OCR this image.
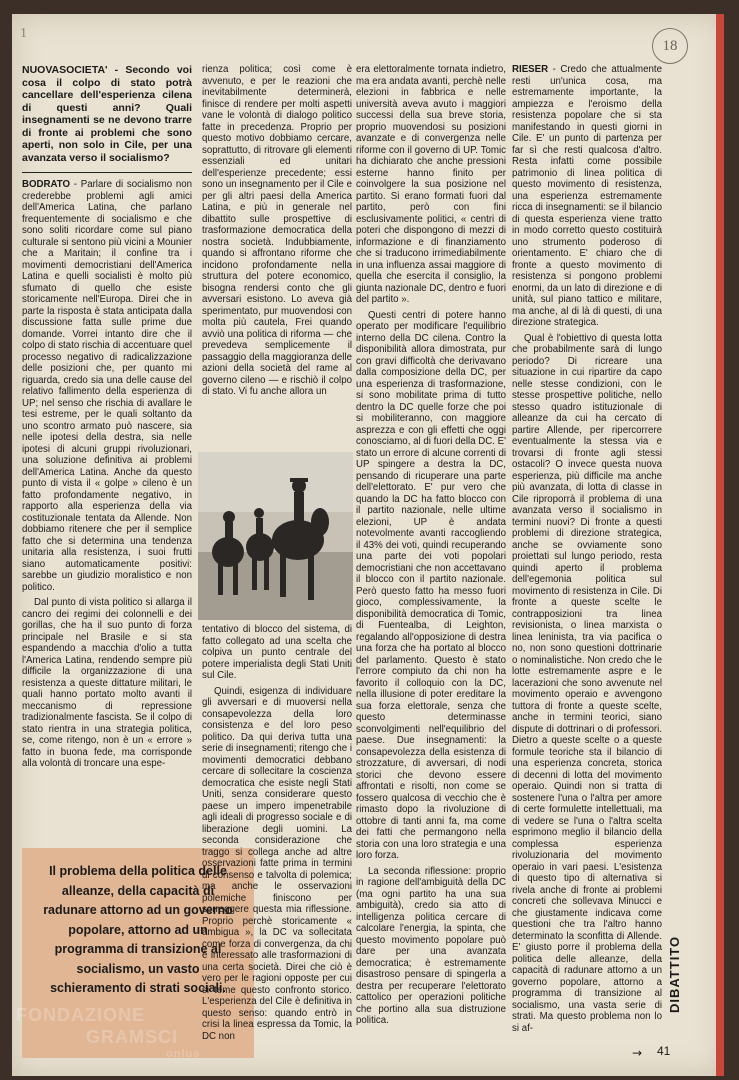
1
18
NUOVASOCIETA' - Secondo voi cosa il colpo di stato potrà cancellare dell'esperienza cilena di questi anni? Quali insegnamenti se ne devono trarre di fronte ai problemi che sono aperti, non solo in Cile, per una avanzata verso il socialismo?

BODRATO - Parlare di socialismo non crederebbe problemi agli amici dell'America Latina, che parlano frequentemente di socialismo e che sono soliti ricordare come sul piano culturale si sentono più vicini a Mounier che a Maritain; il confine tra i movimenti democristiani dell'America Latina e quelli socialisti è molto più sfumato di quello che esiste storicamente nell'Europa. Direi che in parte la risposta è stata anticipata dalla discussione fatta sulle prime due domande. Vorrei intanto dire che il colpo di stato rischia di accentuare quel processo negativo di radicalizzazione delle posizioni che, per quanto mi riguarda, credo sia una delle cause del relativo fallimento della esperienza di UP; nel senso che rischia di avallare le tesi estreme, per le quali soltanto da uno scontro armato può nascere, sia nelle ipotesi della destra, sia nelle ipotesi di alcuni gruppi rivoluzionari, una soluzione definitiva ai problemi dell'America Latina. Anche da questo punto di vista il « golpe » cileno è un fatto profondamente negativo, in rapporto alla esperienza della via costituzionale tentata da Allende. Non dobbiamo ritenere che per il semplice fatto che si determina una tendenza unitaria alla resistenza, i suoi frutti siano automaticamente positivi: sarebbe un giudizio moralistico e non politico.

Dal punto di vista politico si allarga il cancro dei regimi dei colonnelli e dei gorillas, che ha il suo punto di forza principale nel Brasile e si sta espandendo a macchia d'olio a tutta l'America Latina, rendendo sempre più difficile la organizzazione di una resistenza a queste dittature militari, le quali hanno portato molto avanti il meccanismo di repressione tradizionalmente fascista. Se il colpo di stato rientra in una strategia politica, se, come ritengo, non è un « errore » fatto in buona fede, ma corrisponde alla volontà di troncare una espe-

Il problema della politica delle alleanze, della capacità di radunare attorno ad un governo popolare, attorno ad un programma di transizione al socialismo, un vasto schieramento di strati sociali.

rienza politica; così come è avvenuto, e per le reazioni che inevitabilmente determinerà, finisce di rendere per molti aspetti vane le volontà di dialogo politico fatte in precedenza. Proprio per questo motivo dobbiamo cercare, soprattutto, di ritrovare gli elementi essenziali ed unitari dell'esperienze precedente; essi sono un insegnamento per il Cile e per gli altri paesi della America Latina, e più in generale nel dibattito sulle prospettive di trasformazione democratica della nostra società. Indubbiamente, quando si affrontano riforme che incidono profondamente nella struttura del potere economico, bisogna rendersi conto che gli avversari esistono. Lo aveva già sperimentato, pur muovendosi con molta più cautela, Frei quando avviò una politica di riforma — che prevedeva semplicemente il passaggio della maggioranza delle azioni della società del rame al governo cileno — e rischiò il colpo di stato. Vi fu anche allora un

tentativo di blocco del sistema, di fatto collegato ad una scelta che colpiva un punto centrale del potere imperialista degli Stati Uniti sul Cile.

Quindi, esigenza di individuare gli avversari e di muoversi nella consapevolezza della loro consistenza e del loro peso politico. Da qui deriva tutta una serie di insegnamenti; ritengo che i movimenti democratici debbano cercare di sollecitare la coscienza democratica che esiste negli Stati Uniti, senza considerare questo paese un impero impenetrabile agli ideali di progresso sociale e di liberazione degli uomini. La seconda considerazione che traggo si collega anche ad altre osservazioni fatte prima in termini di consenso e talvolta di polemica; ma anche le osservazioni polemiche finiscono per sorreggere questa mia riflessione. Proprio perchè storicamente « ambigua », la DC va sollecitata come forza di convergenza, da chi è interessato alle trasformazioni di una certa società. Direi che ciò è vero per le ragioni opposte per cui si teme questo confronto storico. L'esperienza del Cile è definitiva in questo senso: quando entrò in crisi la linea espressa da Tomic, la DC non

era elettoralmente tornata indietro, ma era andata avanti, perchè nelle elezioni in fabbrica e nelle università aveva avuto i maggiori successi della sua breve storia, proprio muovendosi su posizioni avanzate e di convergenza nelle riforme con il governo di UP. Tomic ha dichiarato che anche pressioni esterne hanno finito per coinvolgere la sua posizione nel partito. Si erano formati fuori dal partito, però con fini esclusivamente politici, « centri di poteri che dispongono di mezzi di informazione e di finanziamento che si traducono irrimediabilmente in una influenza assai maggiore di quella che esercita il consiglio, la giunta nazionale DC, dentro e fuori del partito ».

Questi centri di potere hanno operato per modificare l'equilibrio interno della DC cilena. Contro la disponibilità allora dimostrata, pur con gravi difficoltà che derivavano dalla composizione della DC, per una esperienza di trasformazione, si sono mobilitate prima di tutto dentro la DC quelle forze che poi si mobiliteranno, con maggiore asprezza e con gli effetti che oggi conosciamo, al di fuori della DC. E' stato un errore di alcune correnti di UP spingere a destra la DC, pensando di ricuperare una parte dell'elettorato. E' pur vero che quando la DC ha fatto blocco con il partito nazionale, nelle ultime elezioni, UP è andata notevolmente avanti raccogliendo il 43% dei voti, quindi recuperando una parte dei voti popolari democristiani che non accettavano il blocco con il partito nazionale. Però questo fatto ha messo fuori gioco, complessivamente, la disponibilità democratica di Tomic, di Fuentealba, di Leighton, regalando all'opposizione di destra una forza che ha portato al blocco del parlamento. Questo è stato l'errore compiuto da chi non ha favorito il colloquio con la DC, nella illusione di poter ereditare la sua forza elettorale, senza che questo determinasse sconvolgimenti nell'equilibrio del paese. Due insegnamenti: la consapevolezza della esistenza di strozzature, di avversari, di nodi storici che devono essere affrontati e risolti, non come se fossero qualcosa di vecchio che è rimasto dopo la rivoluzione di ottobre di tanti anni fa, ma come dei fatti che permangono nella storia con una loro strategia e una loro forza.

La seconda riflessione: proprio in ragione dell'ambiguità della DC (ma ogni partito ha una sua ambiguità), credo sia atto di intelligenza politica cercare di calcolare l'energia, la spinta, che questo movimento popolare può dare per una avanzata democratica; è estremamente disastroso pensare di spingerla a destra per recuperare l'elettorato cattolico per operazioni politiche che portino alla sua distruzione politica.

RIESER - Credo che attualmente resti un'unica cosa, ma estremamente importante, la ampiezza e l'eroismo della resistenza popolare che si sta manifestando in questi giorni in Cile. E' un punto di partenza per far sì che resti qualcosa d'altro. Resta infatti come possibile patrimonio di linea politica di questo movimento di resistenza, una esperienza estremamente ricca di insegnamenti: se il bilancio di questa esperienza viene tratto in modo corretto questo costituirà uno strumento poderoso di orientamento. E' chiaro che di fronte a questo movimento di resistenza si pongono problemi enormi, da un lato di direzione e di unità, sul piano tattico e militare, ma anche, al di là di questi, di una direzione strategica.

Qual è l'obiettivo di questa lotta che probabilmente sarà di lungo periodo? Di ricreare una situazione in cui ripartire da capo nelle stesse condizioni, con le stesse prospettive politiche, nello stesso quadro istituzionale di alleanze da cui ha cercato di partire Allende, per ripercorrere eventualmente la stessa via e trovarsi di fronte agli stessi ostacoli? O invece questa nuova esperienza, più difficile ma anche più avanzata, di lotta di classe in Cile riproporrà il problema di una avanzata verso il socialismo in termini nuovi? Di fronte a questi problemi di direzione strategica, anche se ovviamente sono proiettati sul lungo periodo, resta quindi aperto il problema dell'egemonia politica sul movimento di resistenza in Cile. Di fronte a queste scelte le contrapposizioni tra linea revisionista, o linea marxista o linea leninista, tra via pacifica o no, non sono questioni dottrinarie o nominalistiche. Non credo che le lotte estremamente aspre e le lacerazioni che sono avvenute nel movimento operaio e avvengono tuttora di fronte a queste scelte, anche in termini teorici, siano dispute di dottrinari o di professori. Dietro a queste scelte o a queste formule teoriche sta il bilancio di una esperienza concreta, storica di decenni di lotta del movimento operaio. Quindi non si tratta di sostenere l'una o l'altra per amore di certe formulette intellettuali, ma di vedere se l'una o l'altra scelta esprimono meglio il bilancio della complessa esperienza rivoluzionaria del movimento operaio in vari paesi. L'esistenza di questo tipo di alternativa si rivela anche di fronte ai problemi concreti che sollevava Minucci e che giustamente indicava come questioni che tra l'altro hanno determinato la sconfitta di Allende. E' giusto porre il problema della politica delle alleanze, della capacità di radunare attorno a un governo popolare, attorno a programma di transizione al socialismo, una vasta serie di strati. Ma questo problema non lo si af-

DIBATTITO
→ 41
FONDAZIONE
GRAMSCI
onlus
